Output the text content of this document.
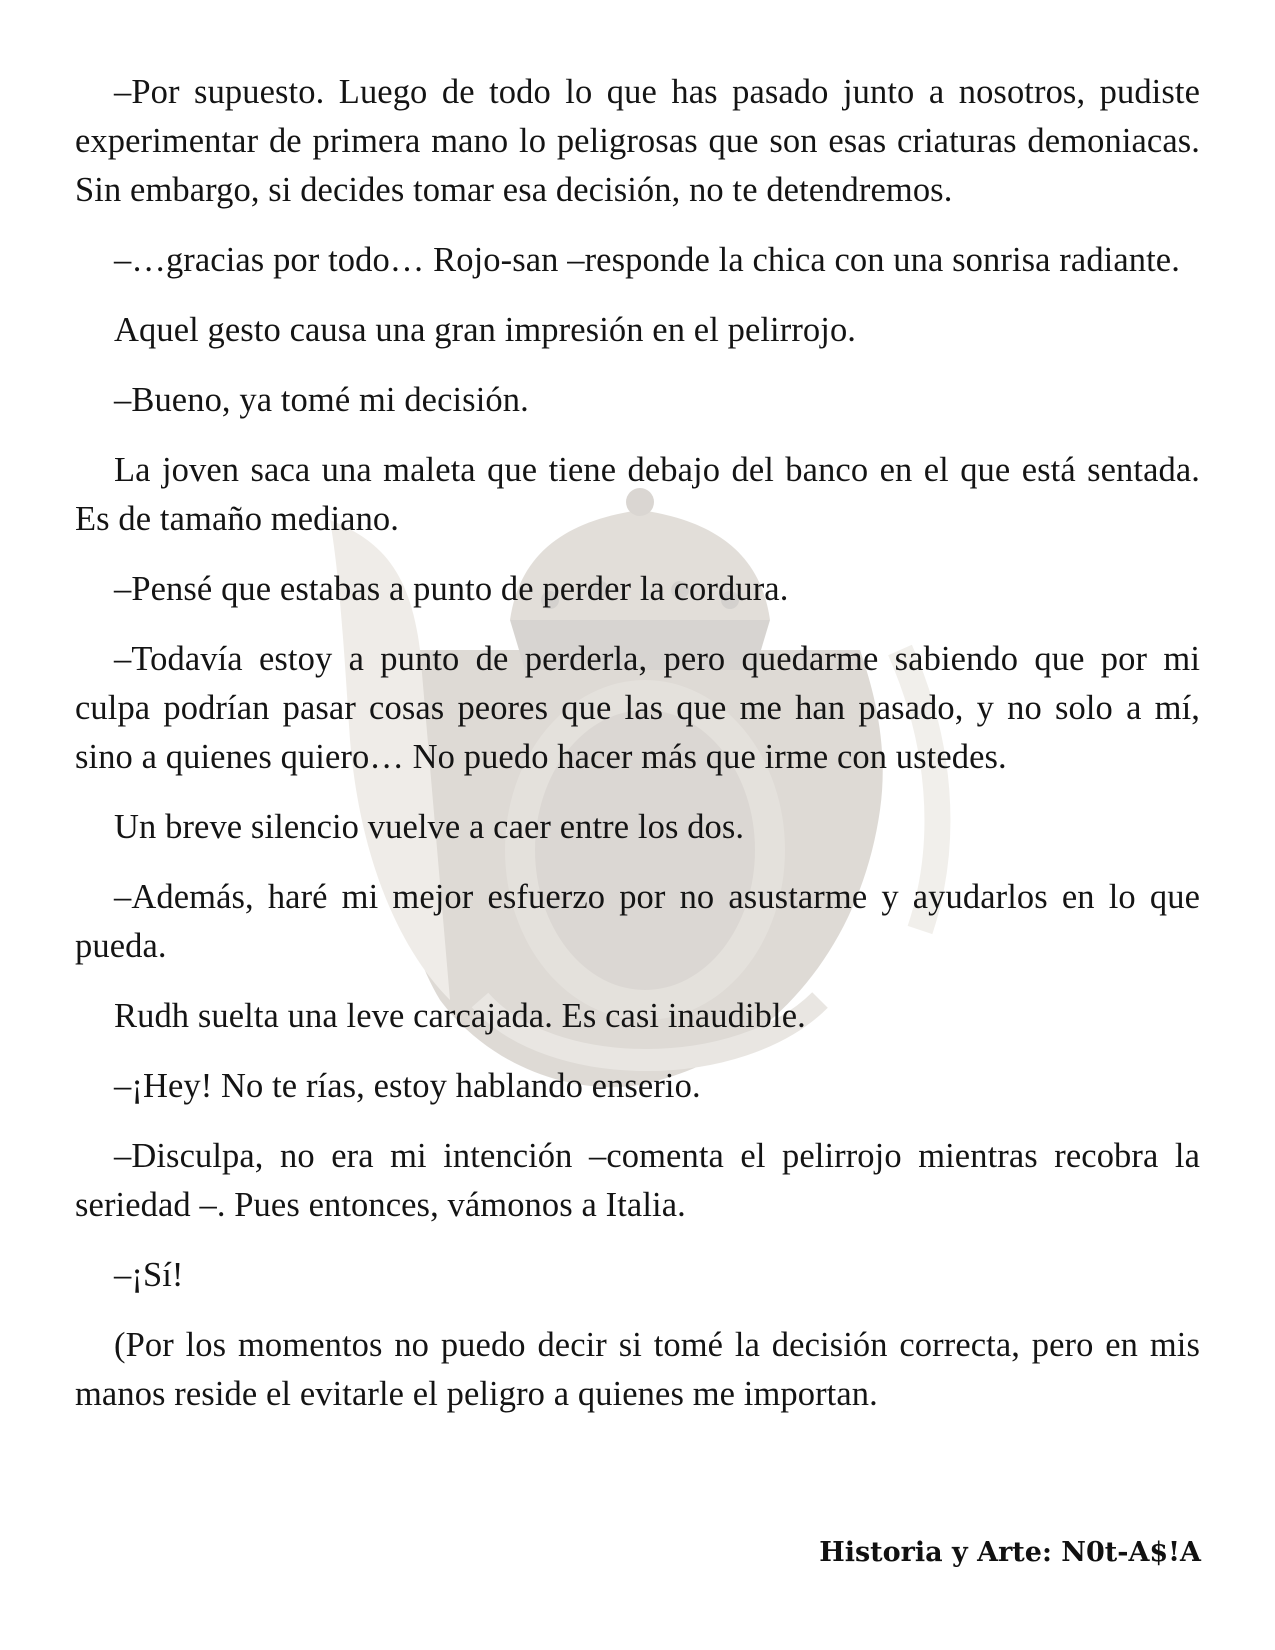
–Por supuesto. Luego de todo lo que has pasado junto a nosotros, pudiste experimentar de primera mano lo peligrosas que son esas criaturas demoniacas. Sin embargo, si decides tomar esa decisión, no te detendremos.

–…gracias por todo… Rojo-san –responde la chica con una sonrisa radiante.

Aquel gesto causa una gran impresión en el pelirrojo.

–Bueno, ya tomé mi decisión.

La joven saca una maleta que tiene debajo del banco en el que está sentada. Es de tamaño mediano.

–Pensé que estabas a punto de perder la cordura.

–Todavía estoy a punto de perderla, pero quedarme sabiendo que por mi culpa podrían pasar cosas peores que las que me han pasado, y no solo a mí, sino a quienes quiero… No puedo hacer más que irme con ustedes.

Un breve silencio vuelve a caer entre los dos.

–Además, haré mi mejor esfuerzo por no asustarme y ayudarlos en lo que pueda.

Rudh suelta una leve carcajada. Es casi inaudible.

–¡Hey! No te rías, estoy hablando enserio.

–Disculpa, no era mi intención –comenta el pelirrojo mientras recobra la seriedad –. Pues entonces, vámonos a Italia.

–¡Sí!

(Por los momentos no puedo decir si tomé la decisión correcta, pero en mis manos reside el evitarle el peligro a quienes me importan.

Historia y Arte: N0t-A$!A
